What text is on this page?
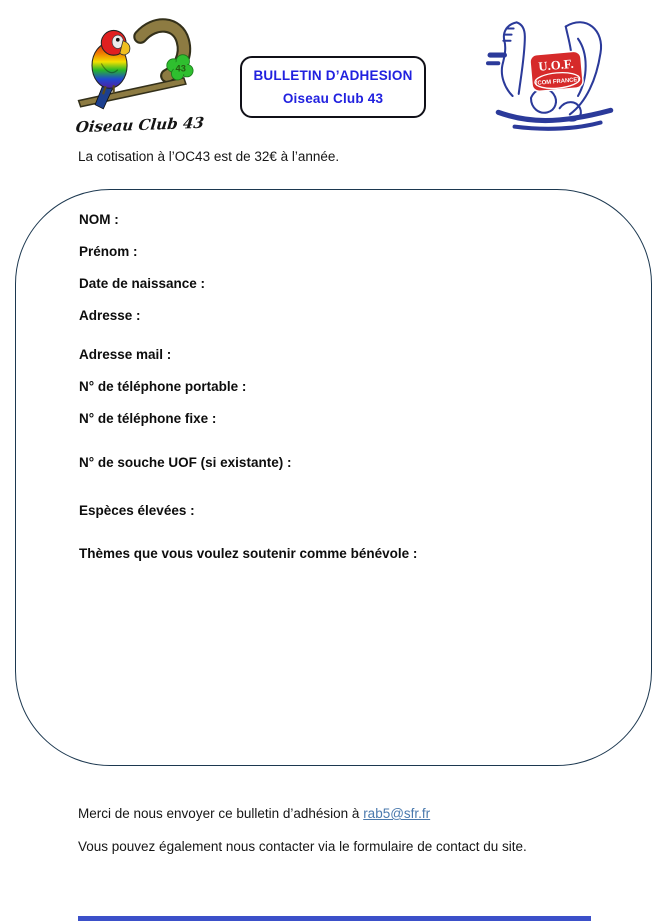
43
Oiseau Club 43
BULLETIN D’ADHESION
Oiseau Club 43
U.O.F.
(COM FRANCE)
La cotisation à l’OC43 est de 32€ à l’année.
NOM :
Prénom :
Date de naissance :
Adresse :
Adresse mail :
N° de téléphone portable :
N° de téléphone fixe :
N° de souche UOF (si existante) :
Espèces élevées :
Thèmes que vous voulez soutenir comme bénévole :
Merci de nous envoyer ce bulletin d’adhésion à rab5@sfr.fr
Vous pouvez également nous contacter via le formulaire de contact du site.
